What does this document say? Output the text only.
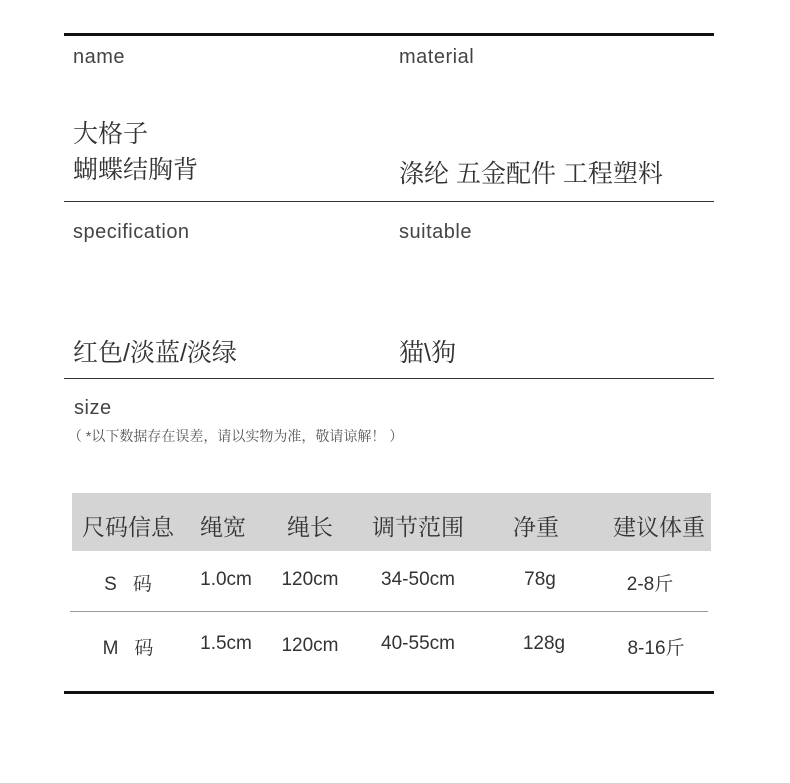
name	material
大格子
蝴蝶结胸背	涤纶 五金配件 工程塑料
specification	suitable
红色/淡蓝/淡绿	猫\狗
size
（ *以下数据存在误差，请以实物为准，敬请谅解！ ）
尺码信息 绳宽 绳长 调节范围 净重 建议体重
S 码	1.0cm 120cm 34-50cm	78g	2-8斤
M 码 1.5cm 120cm 40-55cm	128g	8-16斤
